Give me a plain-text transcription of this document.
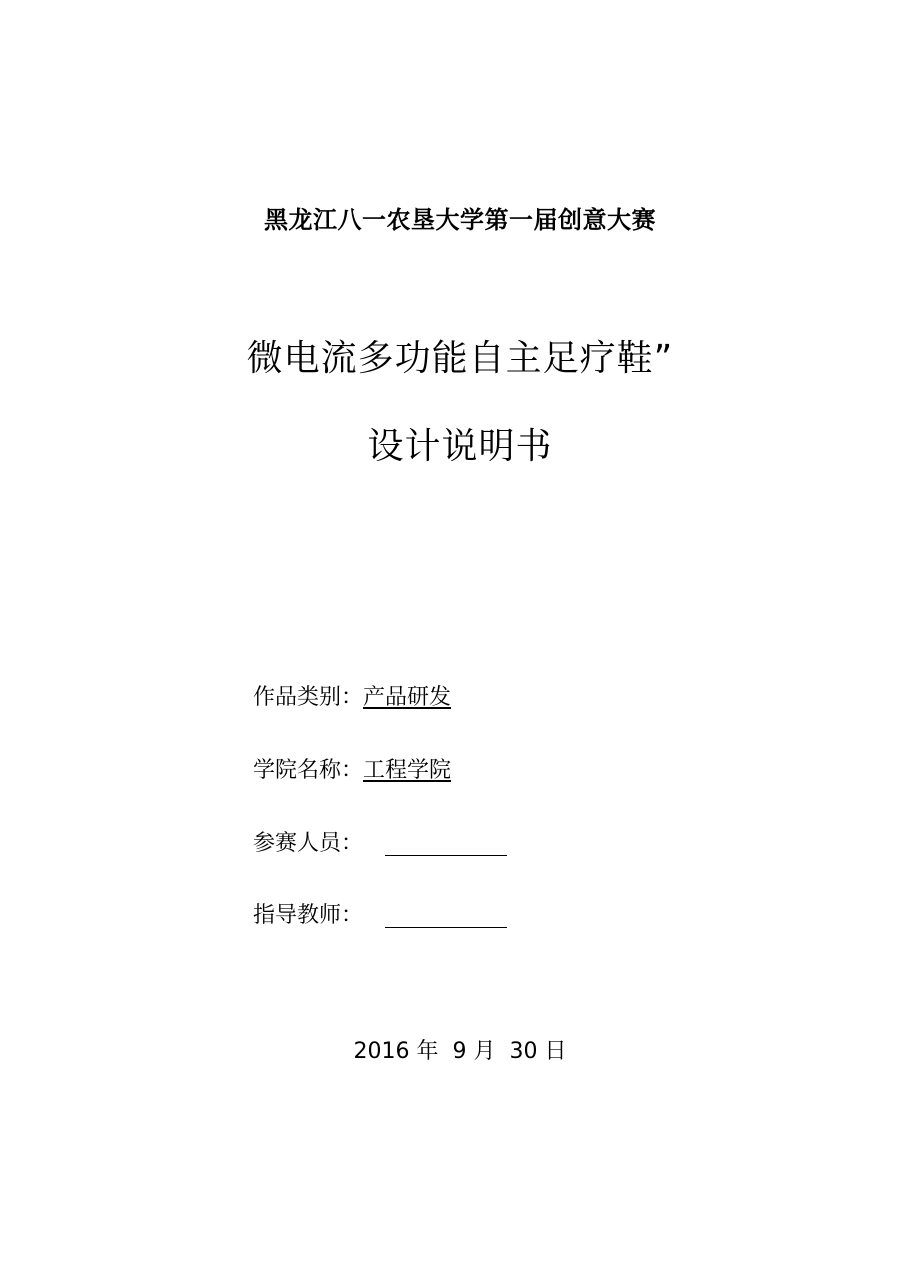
黑龙江八一农垦大学第一届创意大赛
微电流多功能自主足疗鞋”
设计说明书
作品类别：产品研发
学院名称：工程学院
参赛人员：
指导教师：
2016 年  9 月  30 日
